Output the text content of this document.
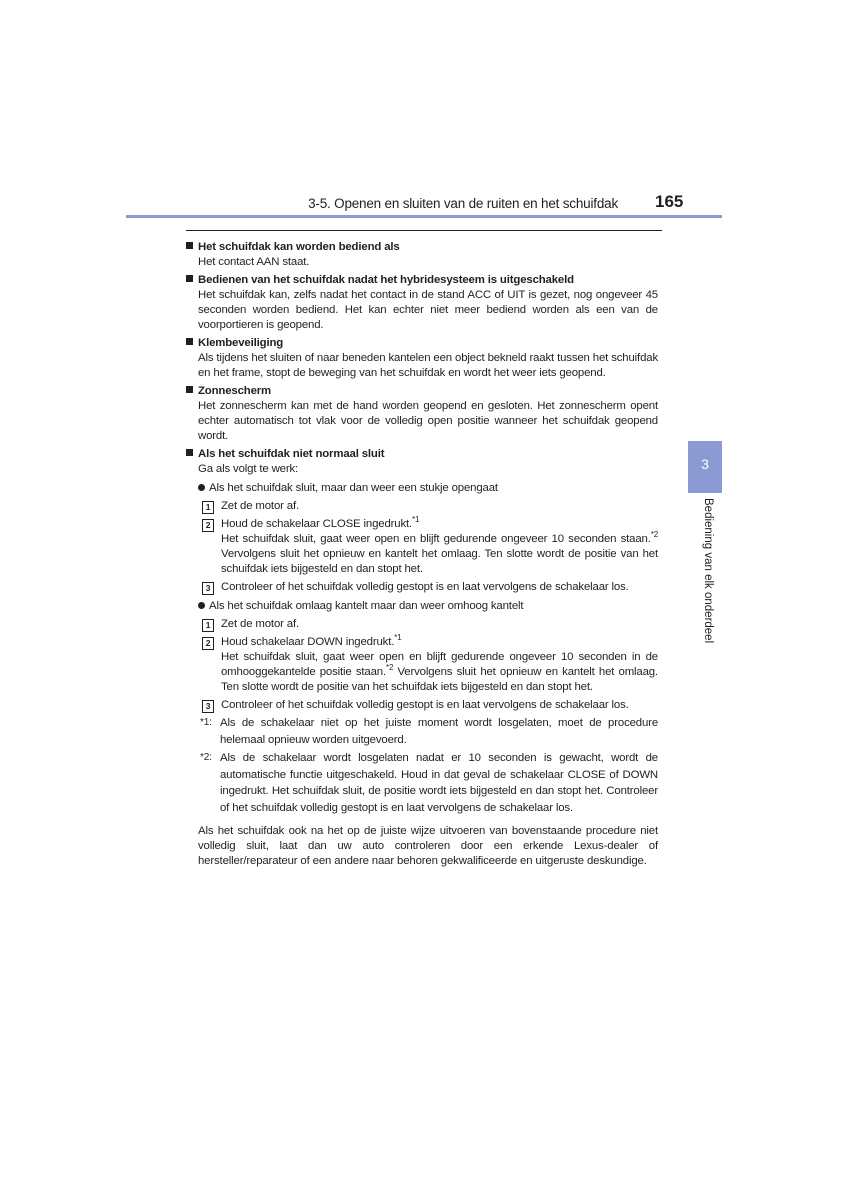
3-5. Openen en sluiten van de ruiten en het schuifdak 165
3
Bediening van elk onderdeel
Het schuifdak kan worden bediend als

Het contact AAN staat.

Bedienen van het schuifdak nadat het hybridesysteem is uitgeschakeld

Het schuifdak kan, zelfs nadat het contact in de stand ACC of UIT is gezet, nog ongeveer 45 seconden worden bediend. Het kan echter niet meer bediend worden als een van de voorportieren is geopend.

Klembeveiliging

Als tijdens het sluiten of naar beneden kantelen een object bekneld raakt tussen het schuifdak en het frame, stopt de beweging van het schuifdak en wordt het weer iets geopend.

Zonnescherm

Het zonnescherm kan met de hand worden geopend en gesloten. Het zonnescherm opent echter automatisch tot vlak voor de volledig open positie wanneer het schuifdak geopend wordt.

Als het schuifdak niet normaal sluit

Ga als volgt te werk:

Als het schuifdak sluit, maar dan weer een stukje opengaat
1 Zet de motor af.
2 Houd de schakelaar CLOSE ingedrukt.$^{*1}$
Het schuifdak sluit, gaat weer open en blijft gedurende ongeveer 10 seconden staan.$^{*2}$ Vervolgens sluit het opnieuw en kantelt het omlaag. Ten slotte wordt de positie van het schuifdak iets bijgesteld en dan stopt het.
3 Controleer of het schuifdak volledig gestopt is en laat vervolgens de schakelaar los.
Als het schuifdak omlaag kantelt maar dan weer omhoog kantelt
1 Zet de motor af.
2 Houd schakelaar DOWN ingedrukt.$^{*1}$
Het schuifdak sluit, gaat weer open en blijft gedurende ongeveer 10 seconden in de omhooggekantelde positie staan.$^{*2}$ Vervolgens sluit het opnieuw en kantelt het omlaag. Ten slotte wordt de positie van het schuifdak iets bijgesteld en dan stopt het.
3 Controleer of het schuifdak volledig gestopt is en laat vervolgens de schakelaar los.
*1: Als de schakelaar niet op het juiste moment wordt losgelaten, moet de procedure helemaal opnieuw worden uitgevoerd.
*2: Als de schakelaar wordt losgelaten nadat er 10 seconden is gewacht, wordt de automatische functie uitgeschakeld. Houd in dat geval de schakelaar CLOSE of DOWN ingedrukt. Het schuifdak sluit, de positie wordt iets bijgesteld en dan stopt het. Controleer of het schuifdak volledig gestopt is en laat vervolgens de schakelaar los.

Als het schuifdak ook na het op de juiste wijze uitvoeren van bovenstaande procedure niet volledig sluit, laat dan uw auto controleren door een erkende Lexus-dealer of hersteller/reparateur of een andere naar behoren gekwalificeerde en uitgeruste deskundige.
